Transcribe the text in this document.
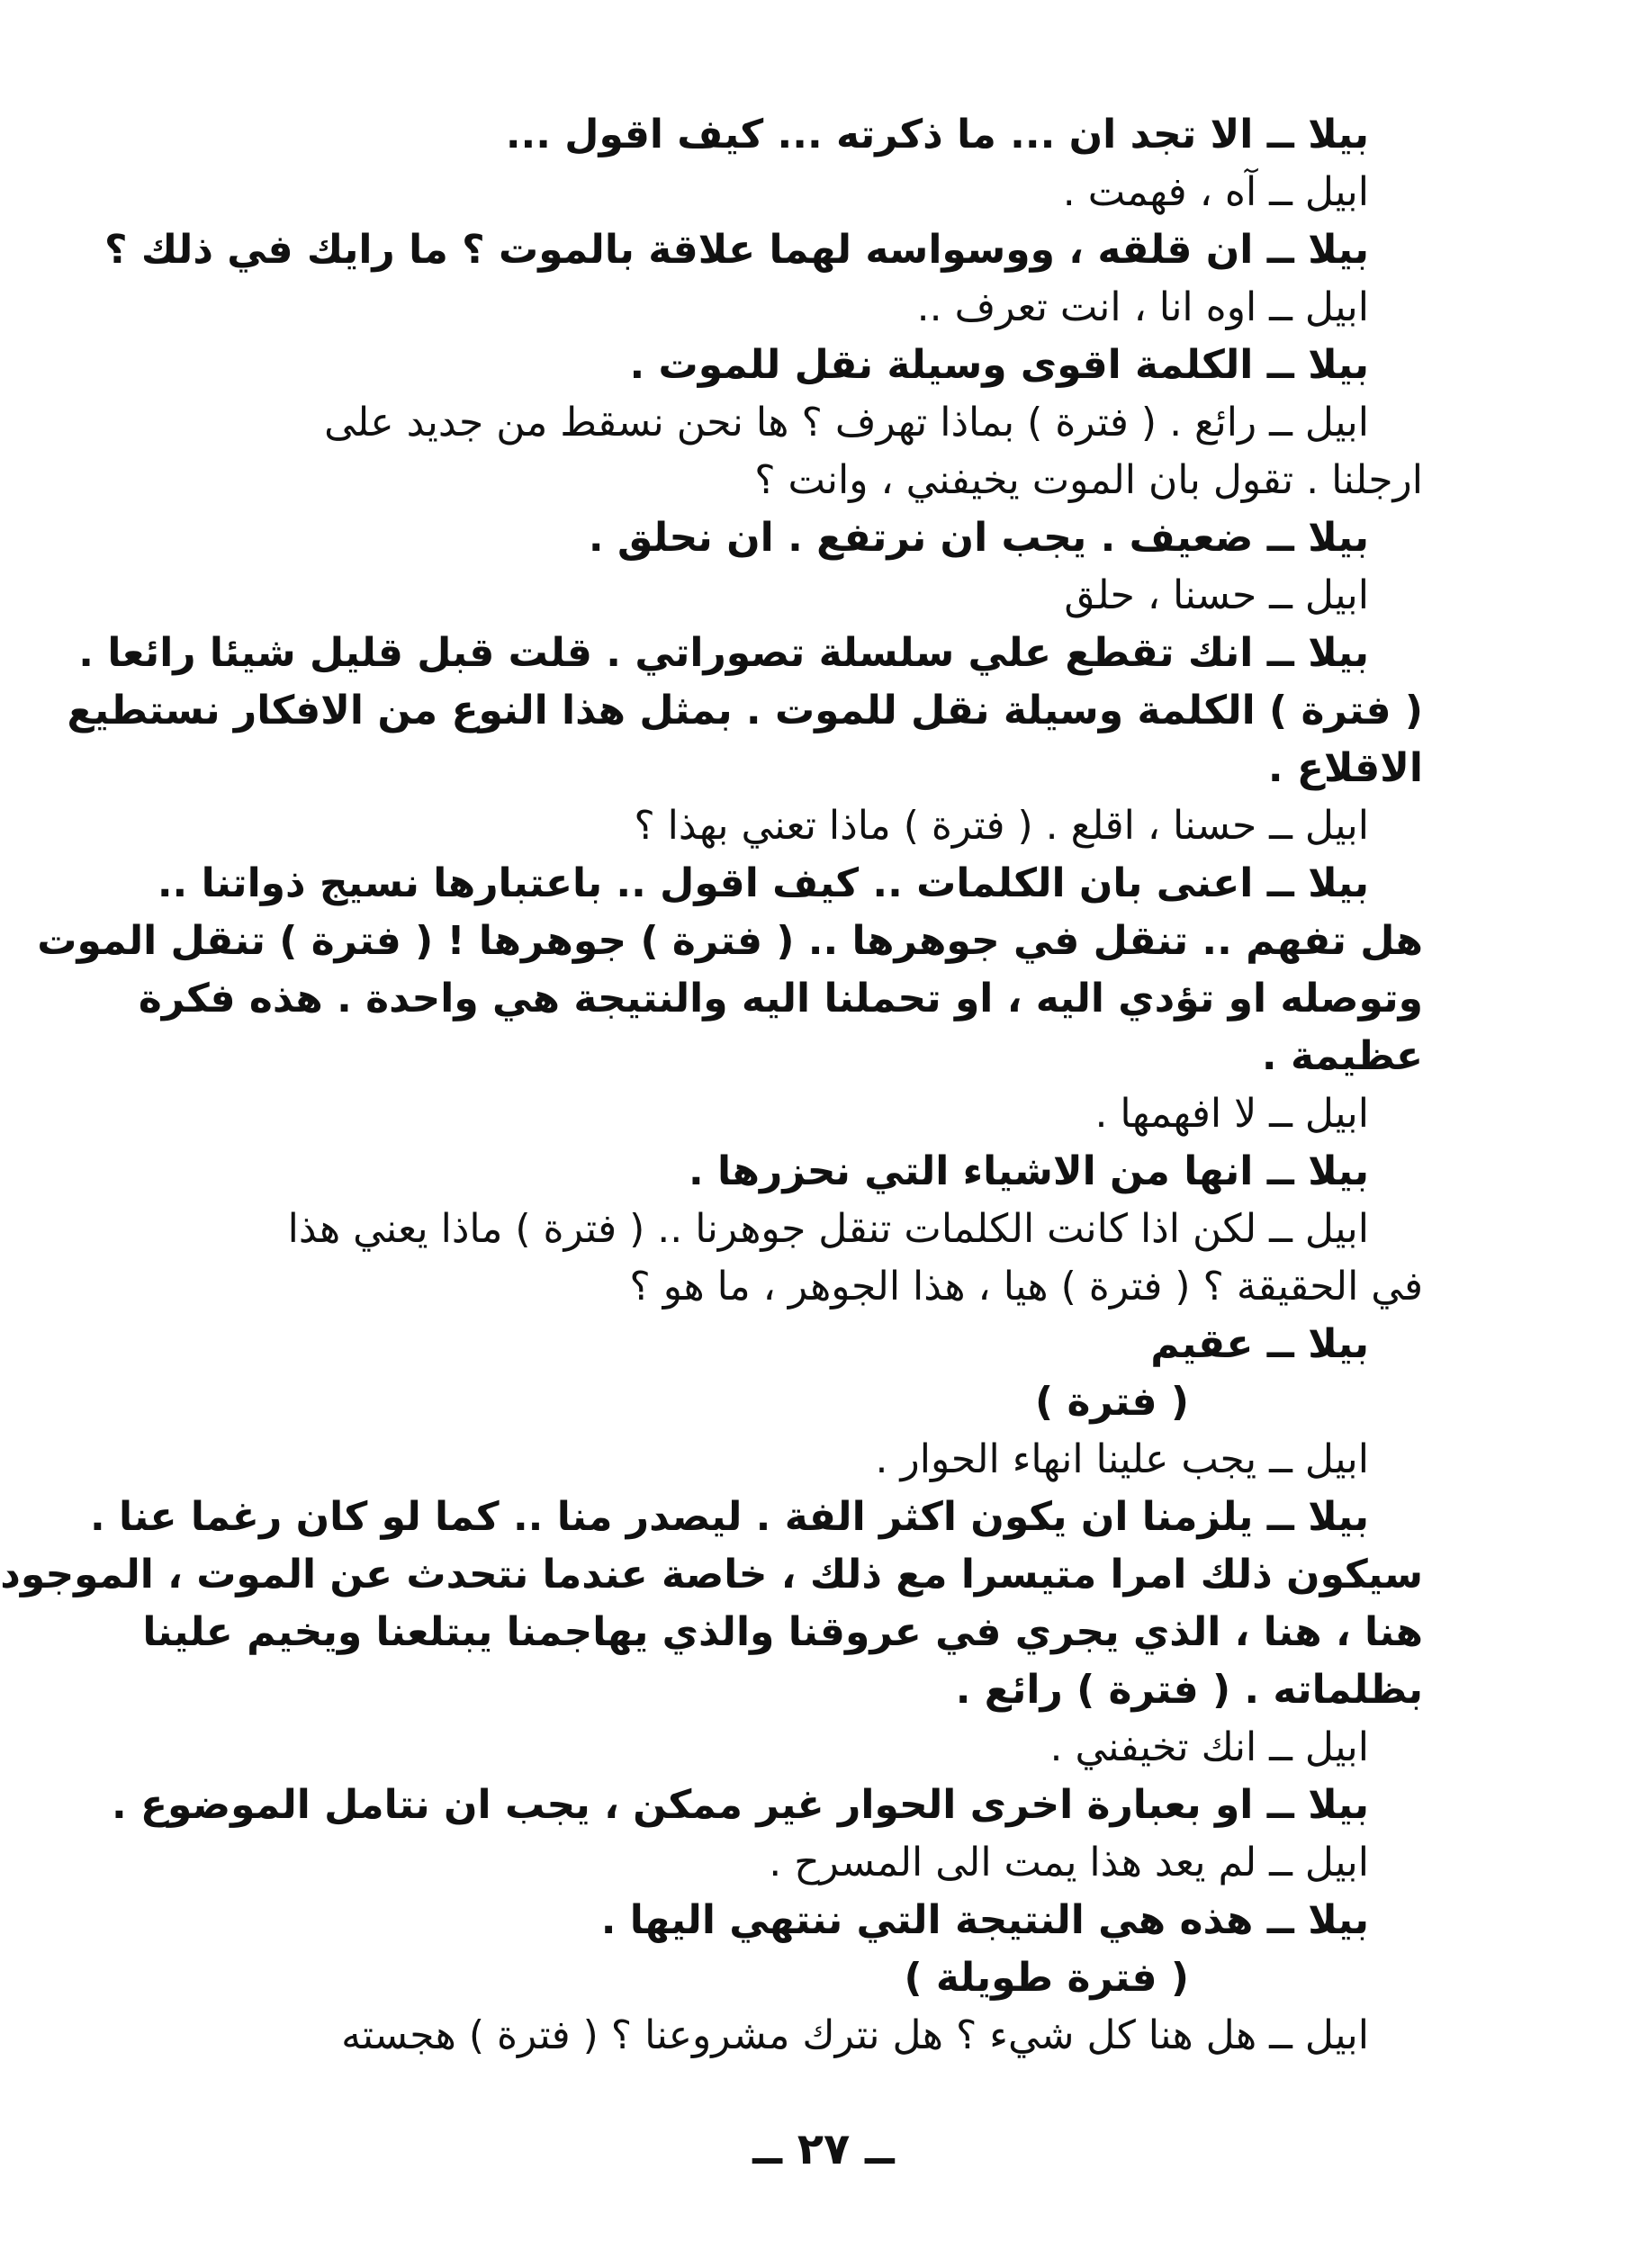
بيلا ــ الا تجد ان ... ما ذكرته ... كيف اقول ...
ابيل ــ آه ، فهمت .
بيلا ــ ان قلقه ، ووسواسه لهما علاقة بالموت ؟ ما رايك في ذلك ؟
ابيل ــ اوه انا ، انت تعرف ..
بيلا ــ الكلمة اقوى وسيلة نقل للموت .
ابيل ــ رائع . ( فترة ) بماذا تهرف ؟ ها نحن نسقط من جديد على
ارجلنا . تقول بان الموت يخيفني ، وانت ؟
بيلا ــ ضعيف . يجب ان نرتفع . ان نحلق .
ابيل ــ حسنا ، حلق
بيلا ــ انك تقطع علي سلسلة تصوراتي . قلت قبل قليل شيئا رائعا .
( فترة ) الكلمة وسيلة نقل للموت . بمثل هذا النوع من الافكار نستطيع
الاقلاع .
ابيل ــ حسنا ، اقلع . ( فترة ) ماذا تعني بهذا ؟
بيلا ــ اعنى بان الكلمات .. كيف اقول .. باعتبارها نسيج ذواتنا ..
هل تفهم .. تنقل في جوهرها .. ( فترة ) جوهرها ! ( فترة ) تنقل الموت
وتوصله او تؤدي اليه ، او تحملنا اليه والنتيجة هي واحدة . هذه فكرة
عظيمة .
ابيل ــ لا افهمها .
بيلا ــ انها من الاشياء التي نحزرها .
ابيل ــ لكن اذا كانت الكلمات تنقل جوهرنا .. ( فترة ) ماذا يعني هذا
في الحقيقة ؟ ( فترة ) هيا ، هذا الجوهر ، ما هو ؟
بيلا ــ عقيم
( فترة )
ابيل ــ يجب علينا انهاء الحوار .
بيلا ــ يلزمنا ان يكون اكثر الفة . ليصدر منا .. كما لو كان رغما عنا .
سيكون ذلك امرا متيسرا مع ذلك ، خاصة عندما نتحدث عن الموت ، الموجود
هنا ، هنا ، الذي يجري في عروقنا والذي يهاجمنا يبتلعنا ويخيم علينا
بظلماته . ( فترة ) رائع .
ابيل ــ انك تخيفني .
بيلا ــ او بعبارة اخرى الحوار غير ممكن ، يجب ان نتامل الموضوع .
ابيل ــ لم يعد هذا يمت الى المسرح .
بيلا ــ هذه هي النتيجة التي ننتهي اليها .
( فترة طويلة )
ابيل ــ هل هنا كل شيء ؟ هل نترك مشروعنا ؟ ( فترة ) هجسته
ــ ٢٧ ــ
